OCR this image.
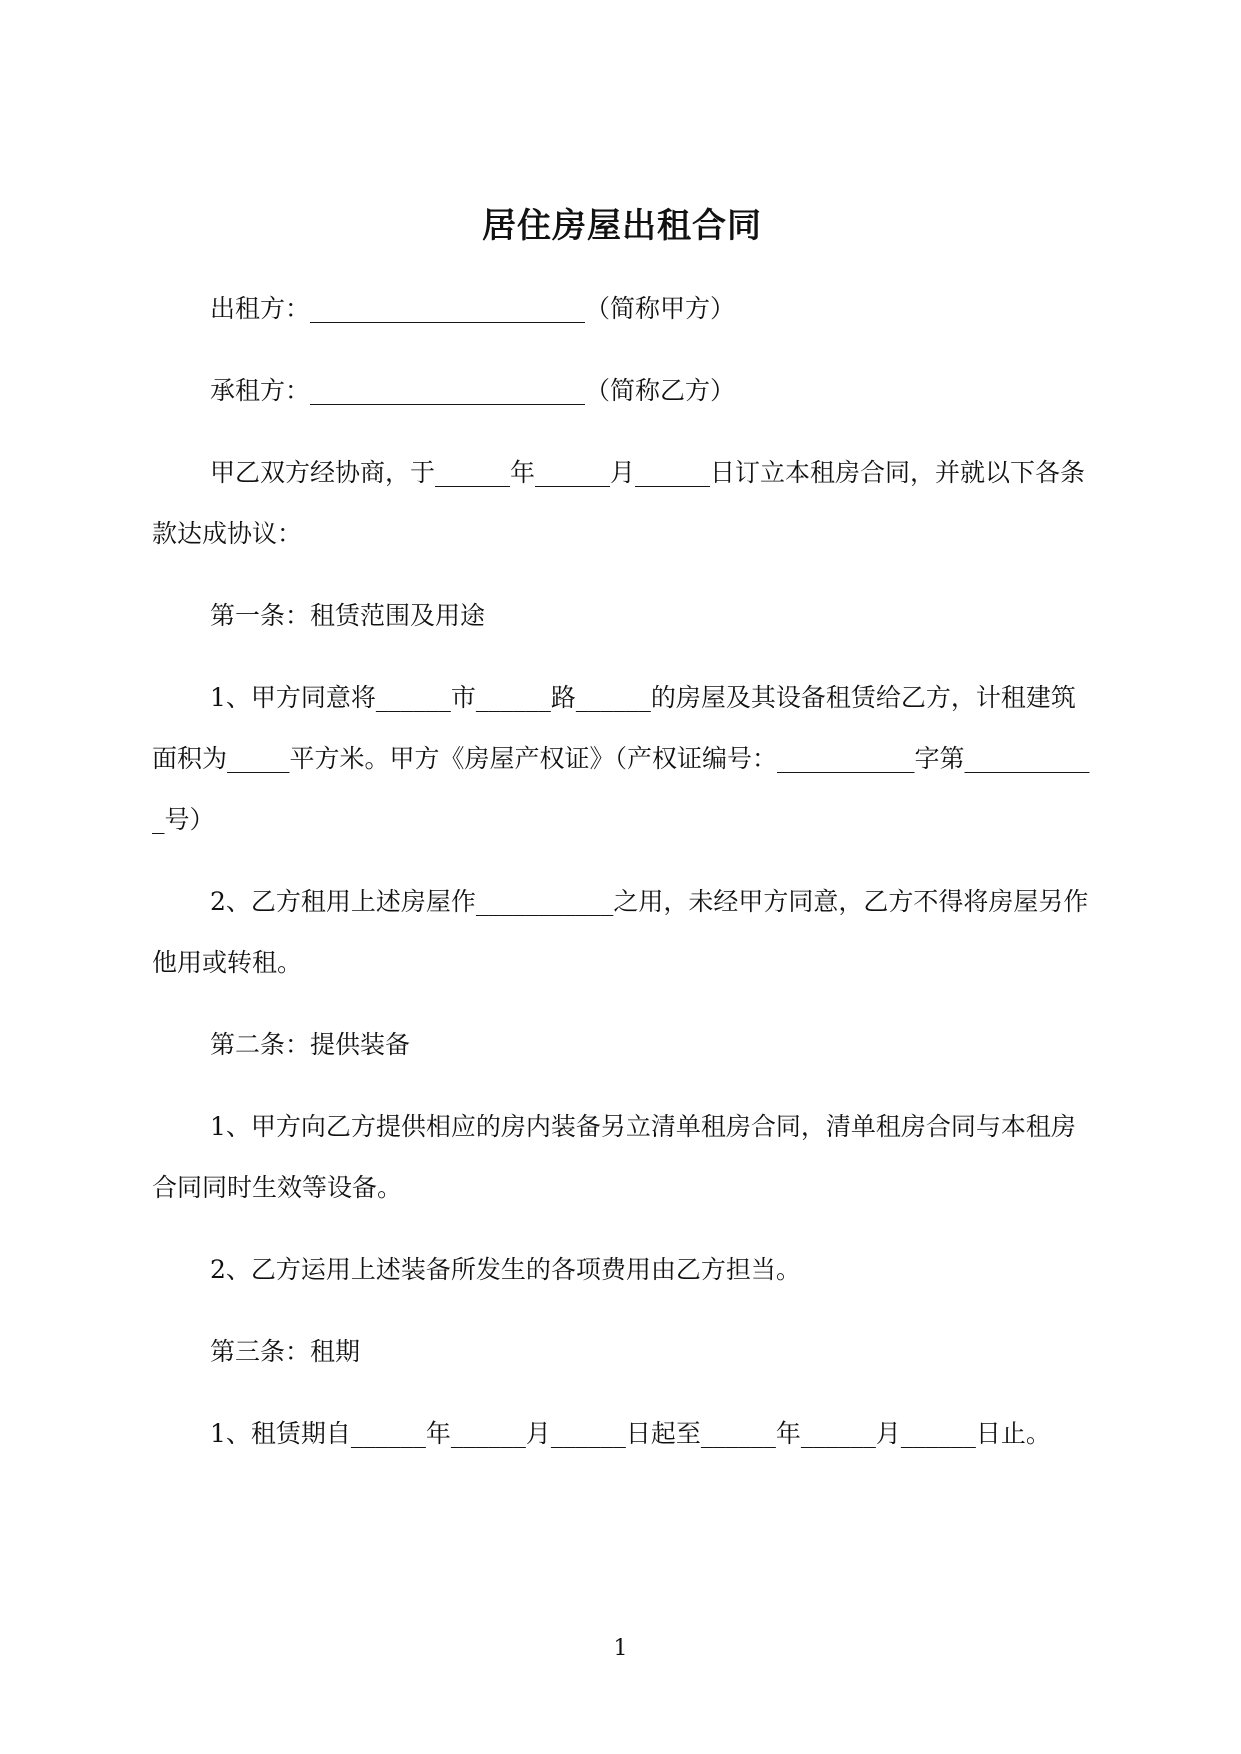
居住房屋出租合同

出租方：______________________（简称甲方）

承租方：______________________（简称乙方）

甲乙双方经协商，于______年______月______日订立本租房合同，并就以下各条款达成协议：

第一条：租赁范围及用途

1、甲方同意将______市______路______的房屋及其设备租赁给乙方，计租建筑面积为_____平方米。甲方《房屋产权证》（产权证编号：___________字第___________号）

2、乙方租用上述房屋作___________之用，未经甲方同意，乙方不得将房屋另作他用或转租。

第二条：提供装备

1、甲方向乙方提供相应的房内装备另立清单租房合同，清单租房合同与本租房合同同时生效等设备。

2、乙方运用上述装备所发生的各项费用由乙方担当。

第三条：租期

1、租赁期自______年______月______日起至______年______月______日止。

1
